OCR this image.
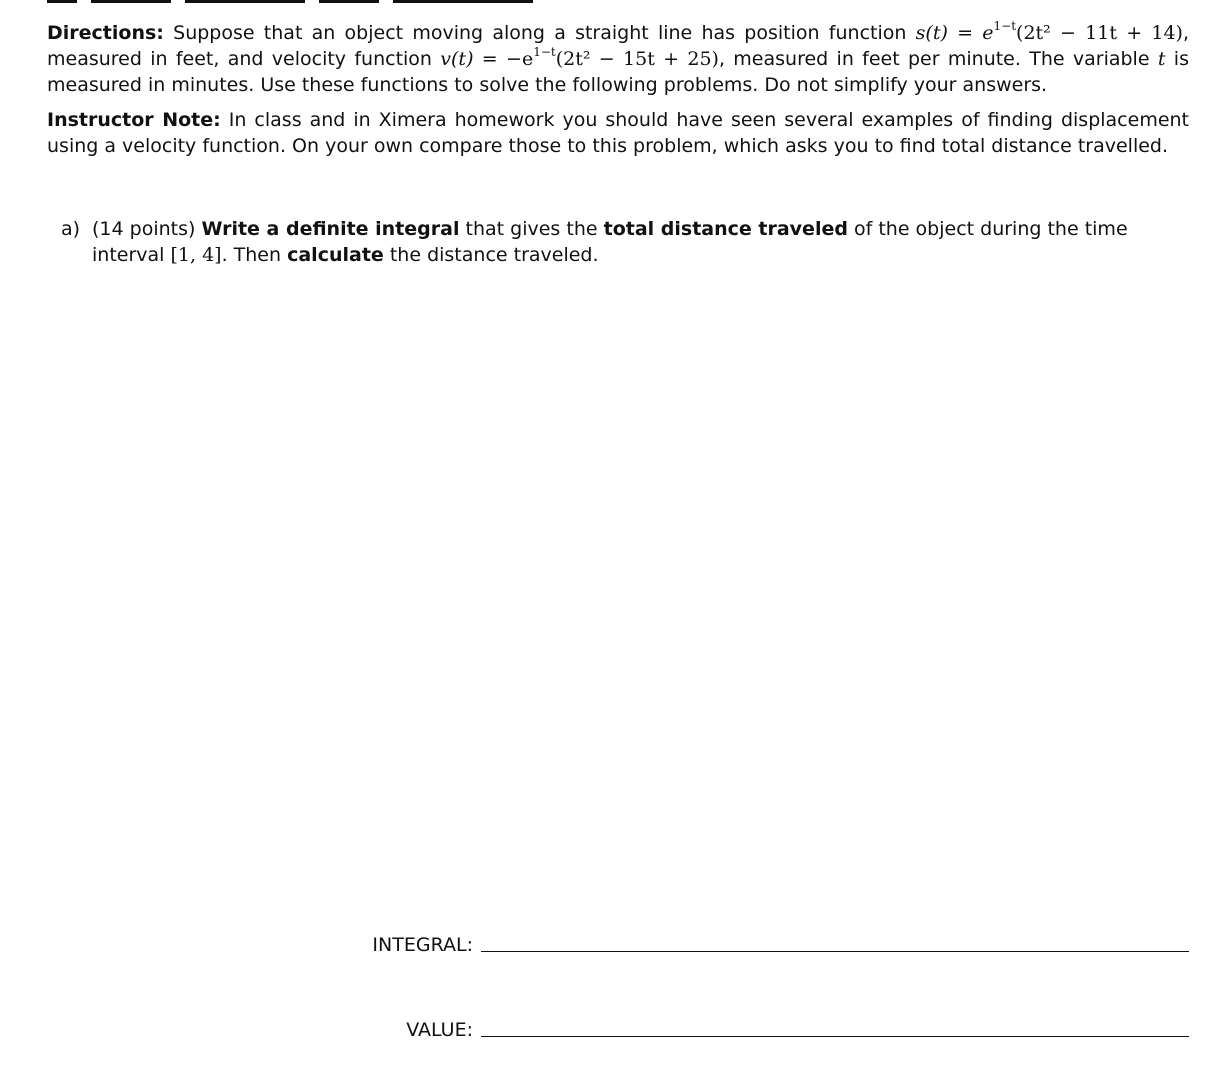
Directions: Suppose that an object moving along a straight line has position function $s(t) = e^{1-t}(2t^2 - 11t + 14)$, measured in feet, and velocity function $v(t) = -e^{1-t}(2t^2 - 15t + 25)$, measured in feet per minute. The variable t is measured in minutes. Use these functions to solve the following problems. Do not simplify your answers.

Instructor Note: In class and in Ximera homework you should have seen several examples of finding displacement using a velocity function. On your own compare those to this problem, which asks you to find total distance travelled.

a) (14 points) Write a definite integral that gives the total distance traveled of the object during the time interval [1, 4]. Then calculate the distance traveled.
INTEGRAL:
VALUE:
